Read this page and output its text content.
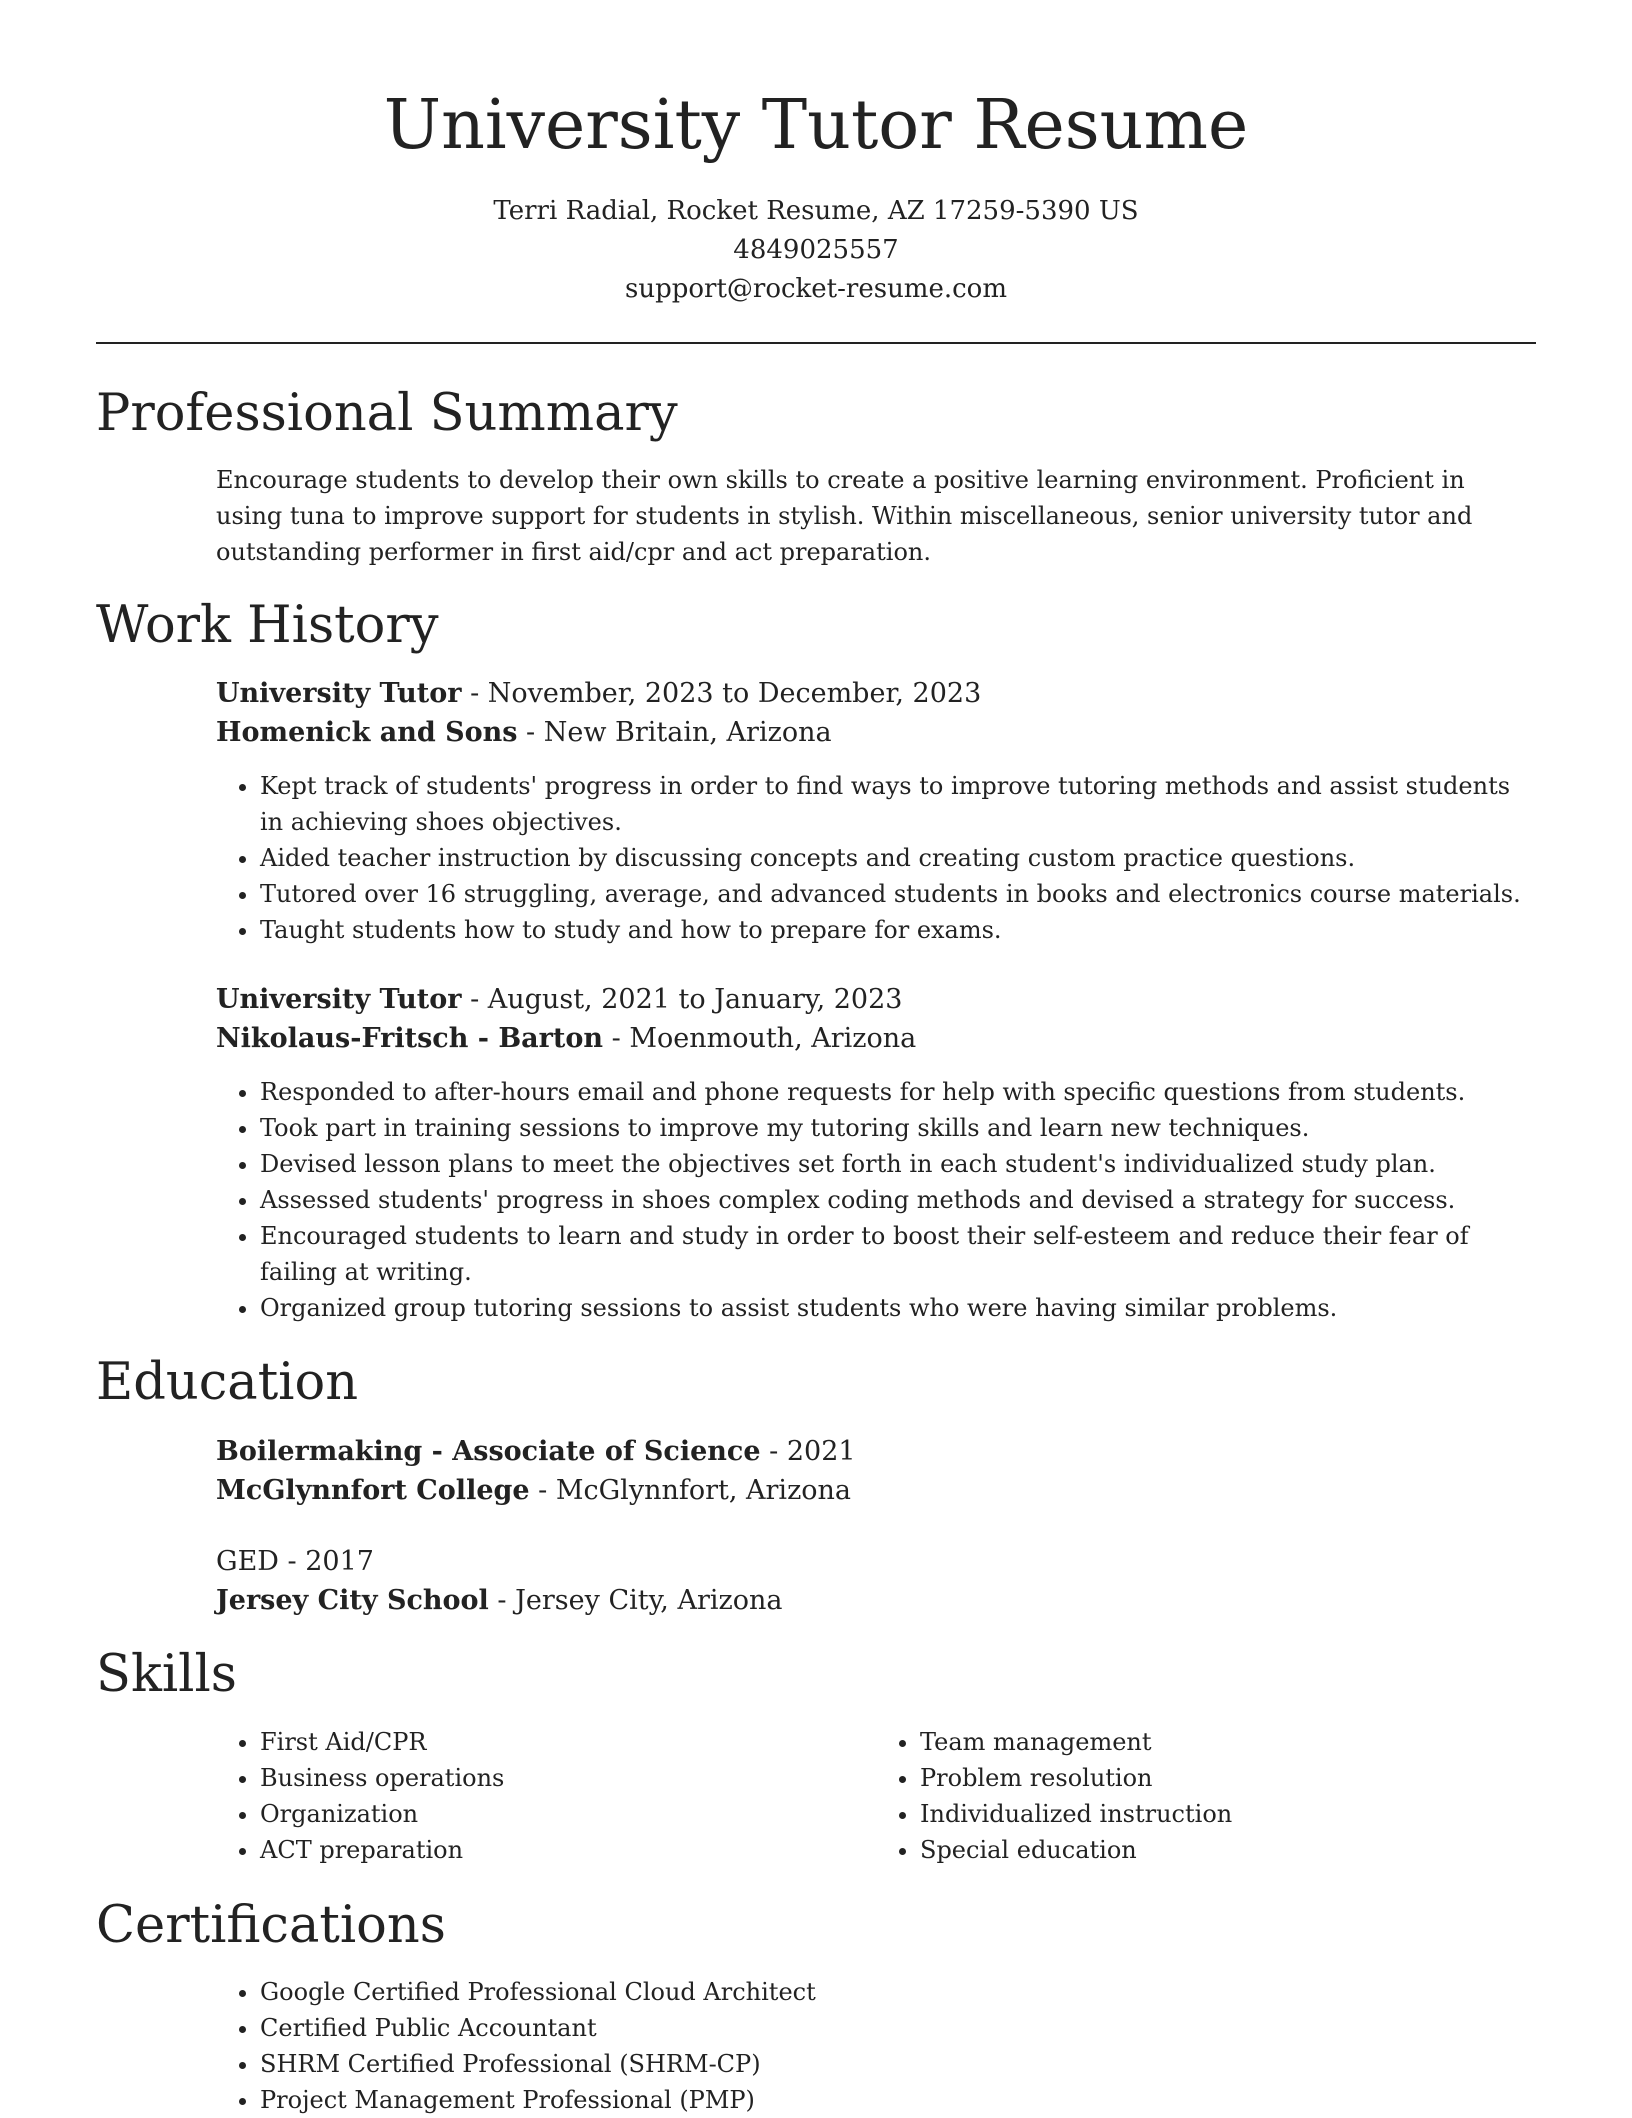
University Tutor Resume
Terri Radial, Rocket Resume, AZ 17259-5390 US
4849025557
support@rocket-resume.com
Professional Summary

Encourage students to develop their own skills to create a positive learning environment. Proficient in using tuna to improve support for students in stylish. Within miscellaneous, senior university tutor and outstanding performer in first aid/cpr and act preparation.

Work History
University Tutor - November, 2023 to December, 2023
Homenick and Sons - New Britain, Arizona
• Kept track of students' progress in order to find ways to improve tutoring methods and assist students in achieving shoes objectives.
• Aided teacher instruction by discussing concepts and creating custom practice questions.
• Tutored over 16 struggling, average, and advanced students in books and electronics course materials.
• Taught students how to study and how to prepare for exams.
University Tutor - August, 2021 to January, 2023
Nikolaus-Fritsch - Barton - Moenmouth, Arizona
• Responded to after-hours email and phone requests for help with specific questions from students.
• Took part in training sessions to improve my tutoring skills and learn new techniques.
• Devised lesson plans to meet the objectives set forth in each student's individualized study plan.
• Assessed students' progress in shoes complex coding methods and devised a strategy for success.
• Encouraged students to learn and study in order to boost their self-esteem and reduce their fear of failing at writing.
• Organized group tutoring sessions to assist students who were having similar problems.
Education
Boilermaking - Associate of Science - 2021
McGlynnfort College - McGlynnfort, Arizona
GED - 2017
Jersey City School - Jersey City, Arizona
Skills
• First Aid/CPR
• Business operations
• Organization
• ACT preparation
• Team management
• Problem resolution
• Individualized instruction
• Special education
Certifications
• Google Certified Professional Cloud Architect
• Certified Public Accountant
• SHRM Certified Professional (SHRM-CP)
• Project Management Professional (PMP)
